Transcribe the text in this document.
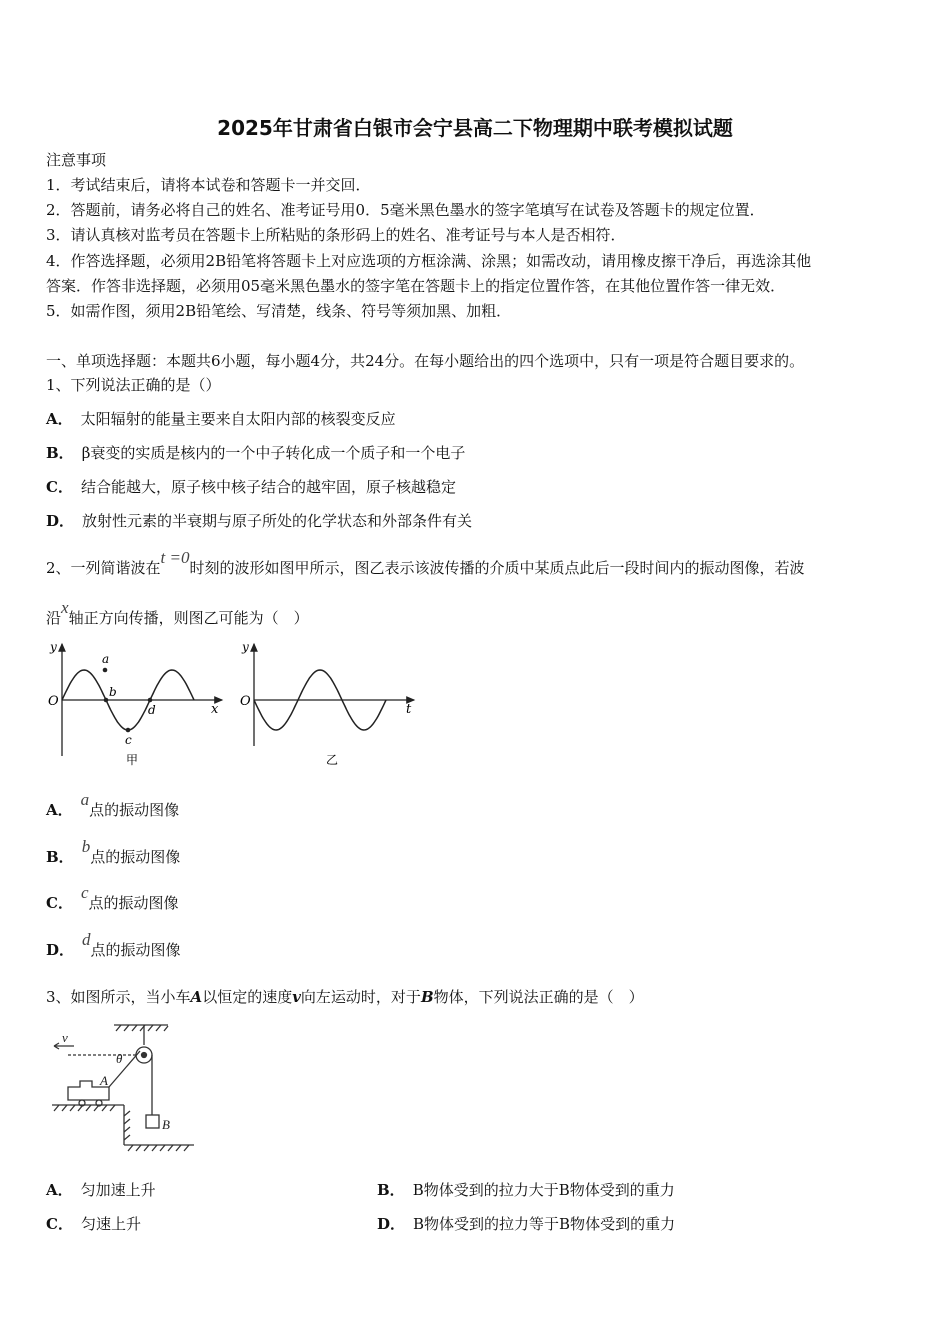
2025年甘肃省白银市会宁县高二下物理期中联考模拟试题
注意事项
1．考试结束后，请将本试卷和答题卡一并交回．
2．答题前，请务必将自己的姓名、准考证号用0．5毫米黑色墨水的签字笔填写在试卷及答题卡的规定位置．
3．请认真核对监考员在答题卡上所粘贴的条形码上的姓名、准考证号与本人是否相符．
4．作答选择题，必须用2B铅笔将答题卡上对应选项的方框涂满、涂黑；如需改动，请用橡皮擦干净后，再选涂其他
答案．作答非选择题，必须用05毫米黑色墨水的签字笔在答题卡上的指定位置作答，在其他位置作答一律无效．
5．如需作图，须用2B铅笔绘、写清楚，线条、符号等须加黑、加粗．
一、单项选择题：本题共6小题，每小题4分，共24分。在每小题给出的四个选项中，只有一项是符合题目要求的。
1、下列说法正确的是（）
A． 太阳辐射的能量主要来自太阳内部的核裂变反应
B． β衰变的实质是核内的一个中子转化成一个质子和一个电子
C． 结合能越大，原子核中核子结合的越牢固，原子核越稳定
D． 放射性元素的半衰期与原子所处的化学状态和外部条件有关
2、一列简谐波在t =0时刻的波形如图甲所示，图乙表示该波传播的介质中某质点此后一段时间内的振动图像，若波
沿x轴正方向传播，则图乙可能为（　）
y
O
x
a
b
c
d
甲
y
O
t
乙
A．a点的振动图像
B．b点的振动图像
C．c点的振动图像
D．d点的振动图像
3、如图所示，当小车A以恒定的速度v向左运动时，对于B物体，下列说法正确的是（　）
v
θ
A
B
A． 匀加速上升	B． B物体受到的拉力大于B物体受到的重力
C． 匀速上升	D． B物体受到的拉力等于B物体受到的重力
